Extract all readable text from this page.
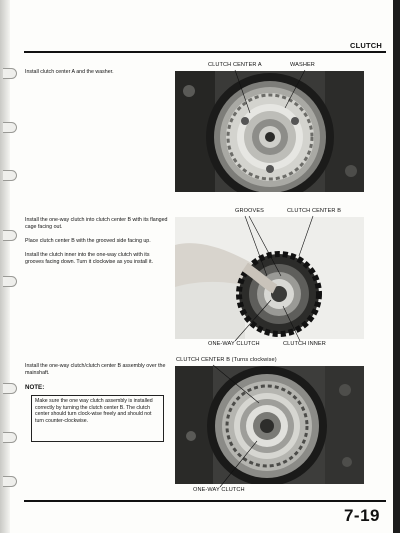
CLUTCH
Install clutch center A and the washer.
Install the one-way clutch into clutch center B with its flanged cage facing out.
Place clutch center B with the grooved side facing up.
Install the clutch inner into the one-way clutch with its grooves facing down. Turn it clockwise as you install it.
Install the one-way clutch/clutch center B assembly over the mainshaft.
NOTE:
Make sure the one way clutch assembly is installed correctly by turning the clutch center B. The clutch center should turn clock-wise freely and should not turn counter-clockwise.
CLUTCH CENTER A	WASHER
GROOVES	CLUTCH CENTER B
ONE-WAY CLUTCH	CLUTCH INNER
CLUTCH CENTER B (Turns clockwise)
ONE-WAY CLUTCH
7-19
